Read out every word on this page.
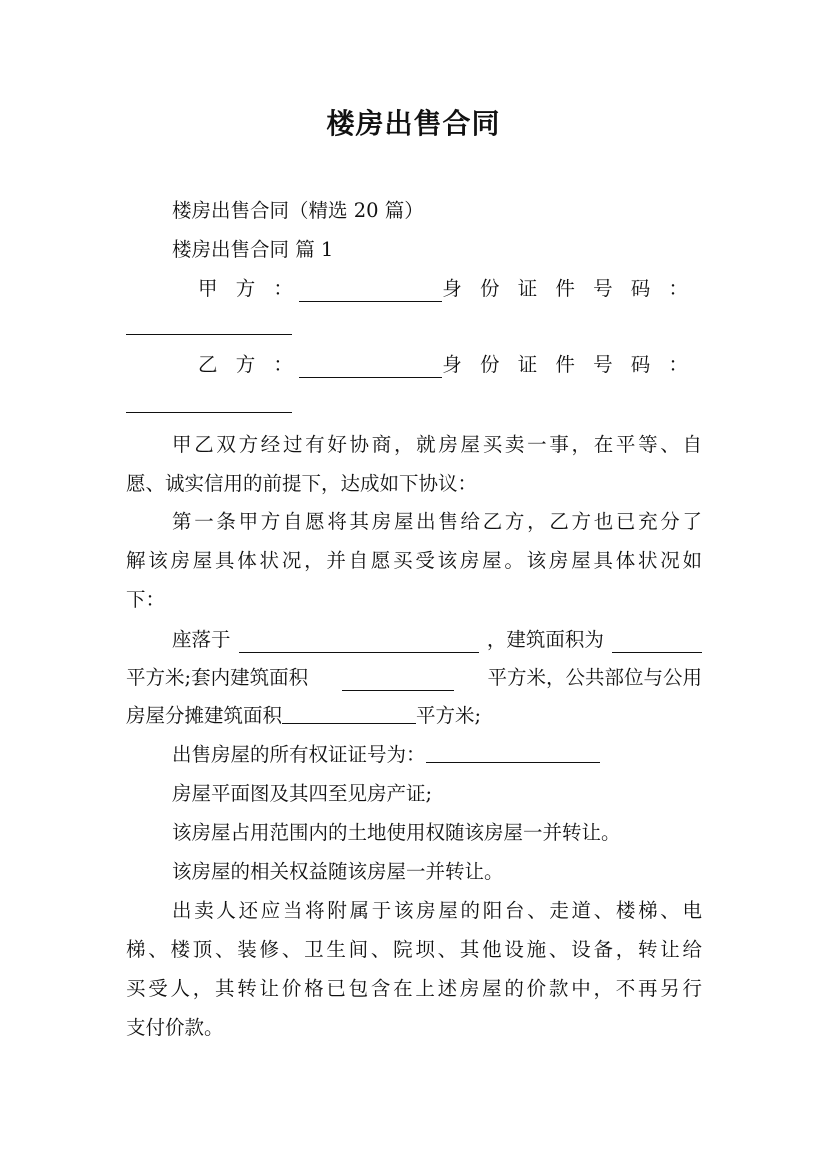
楼房出售合同
楼房出售合同（精选 20 篇）
楼房出售合同 篇 1
甲 方 ：	身 份 证 件 号 码 ：
乙 方 ：	身 份 证 件 号 码 ：
甲乙双方经过有好协商，就房屋买卖一事，在平等、自
愿、诚实信用的前提下，达成如下协议：
第一条甲方自愿将其房屋出售给乙方，乙方也已充分了
解该房屋具体状况，并自愿买受该房屋。该房屋具体状况如
下：
座落于	，建筑面积为
平方米;套内建筑面积	平方米，公共部位与公用
房屋分摊建筑面积	平方米;
出售房屋的所有权证证号为：
房屋平面图及其四至见房产证;
该房屋占用范围内的土地使用权随该房屋一并转让。
该房屋的相关权益随该房屋一并转让。
出卖人还应当将附属于该房屋的阳台、走道、楼梯、电
梯、楼顶、装修、卫生间、院坝、其他设施、设备，转让给
买受人，其转让价格已包含在上述房屋的价款中，不再另行
支付价款。
